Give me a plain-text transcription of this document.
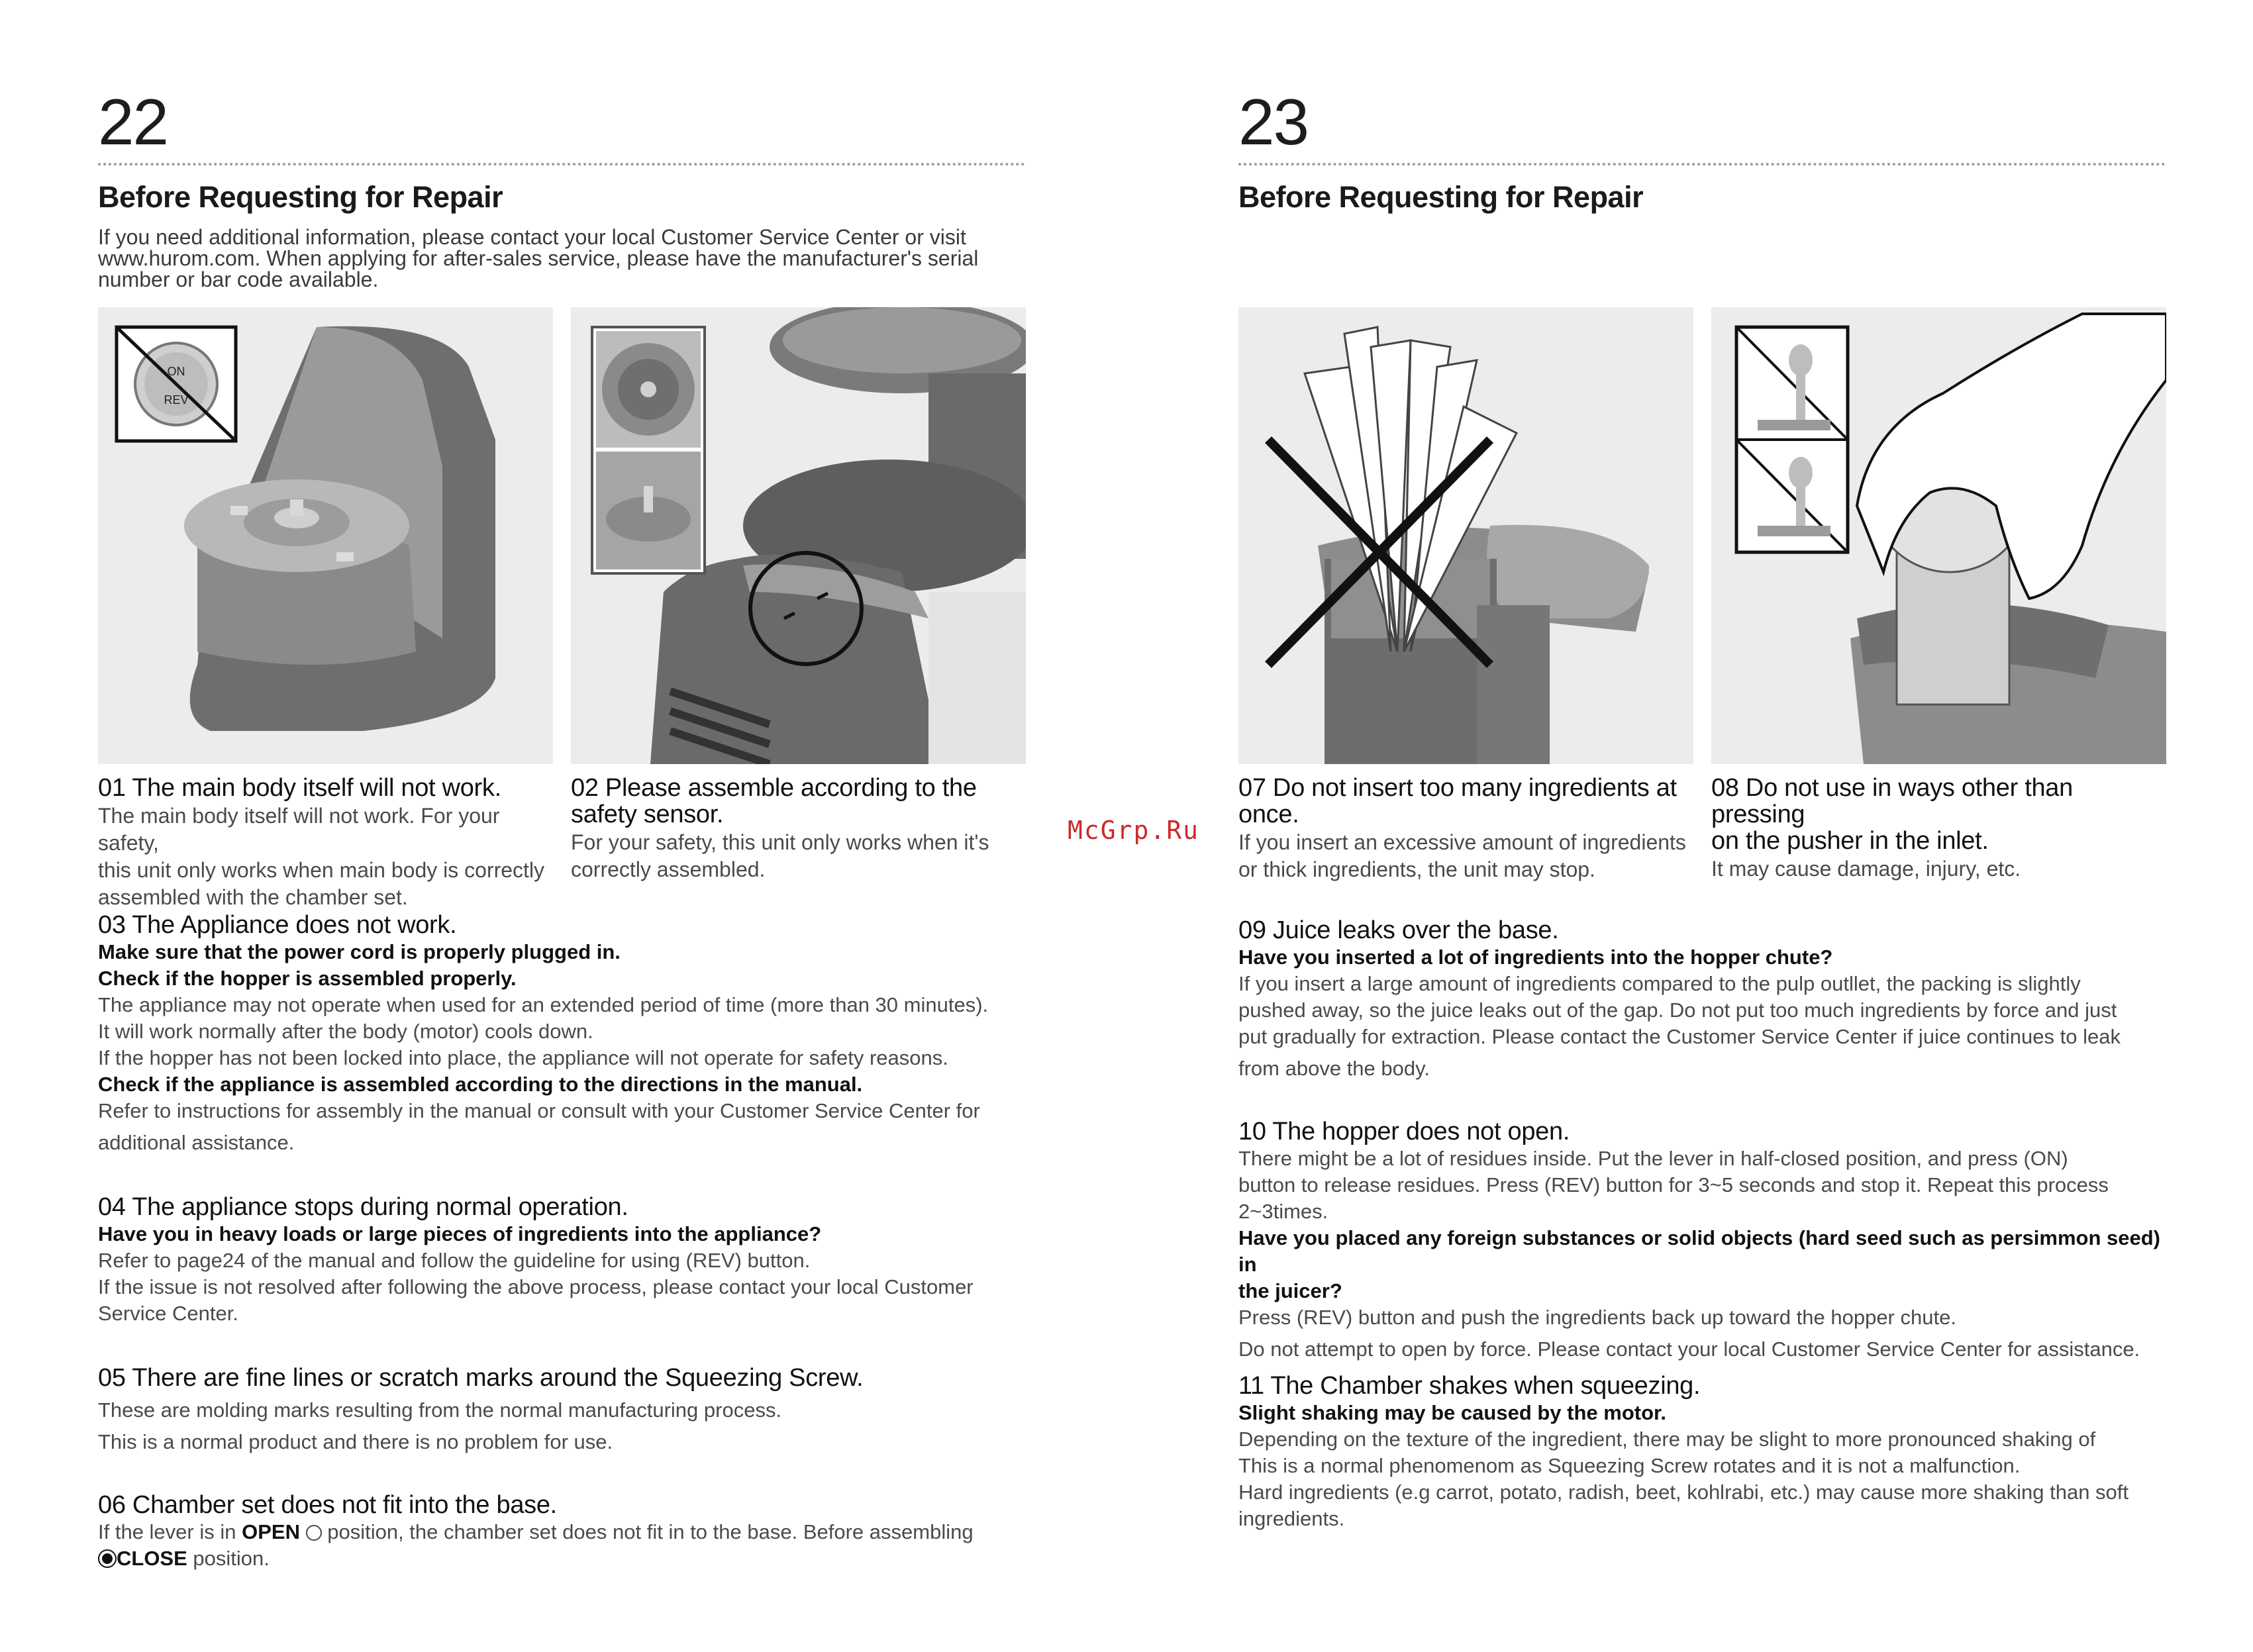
22
Before Requesting for Repair
If you need additional information, please contact your local Customer Service Center or visit
www.hurom.com. When applying for after-sales service, please have the manufacturer's serial
number or bar code available.
ON
REV
01 The main body itself will not work.

The main body itself will not work. For your safety,
this unit only works when main body is correctly
assembled with the chamber set.

02 Please assemble according to the
safety sensor.

For your safety, this unit only works when it's
correctly assembled.

03 The Appliance does not work.
Make sure that the power cord is properly plugged in.
Check if the hopper is assembled properly.
The appliance may not operate when used for an extended period of time (more than 30 minutes).
It will work normally after the body (motor) cools down.
If the hopper has not been locked into place, the appliance will not operate for safety reasons.
Check if the appliance is assembled according to the directions in the manual.
Refer to instructions for assembly in the manual or consult with your Customer Service Center for
additional assistance.
04 The appliance stops during normal operation.
Have you in heavy loads or large pieces of ingredients into the appliance?
Refer to page24 of the manual and follow the guideline for using (REV) button.
If the issue is not resolved after following the above process, please contact your local Customer
Service Center.
05 There are fine lines or scratch marks around the Squeezing Screw.
These are molding marks resulting from the normal manufacturing process.
This is a normal product and there is no problem for use.
06 Chamber set does not fit into the base.
If the lever is in OPEN position, the chamber set does not fit in to the base. Before assembling
CLOSE position.
McGrp.Ru
23
Before Requesting for Repair
07 Do not insert too many ingredients at
once.

If you insert an excessive amount of ingredients
or thick ingredients, the unit may stop.

08 Do not use in ways other than pressing
on the pusher in the inlet.

It may cause damage, injury, etc.

09 Juice leaks over the base.
Have you inserted a lot of ingredients into the hopper chute?
If you insert a large amount of ingredients compared to the pulp outllet, the packing is slightly
pushed away, so the juice leaks out of the gap. Do not put too much ingredients by force and just
put gradually for extraction. Please contact the Customer Service Center if juice continues to leak
from above the body.
10 The hopper does not open.
There might be a lot of residues inside. Put the lever in half-closed position, and press (ON)
button to release residues. Press (REV) button for 3~5 seconds and stop it. Repeat this process
2~3times.
Have you placed any foreign substances or solid objects (hard seed such as persimmon seed) in
the juicer?
Press (REV) button and push the ingredients back up toward the hopper chute.
Do not attempt to open by force. Please contact your local Customer Service Center for assistance.
11 The Chamber shakes when squeezing.
Slight shaking may be caused by the motor.
Depending on the texture of the ingredient, there may be slight to more pronounced shaking of
This is a normal phenomenom as Squeezing Screw rotates and it is not a malfunction.
Hard ingredients (e.g carrot, potato, radish, beet, kohlrabi, etc.) may cause more shaking than soft
ingredients.
